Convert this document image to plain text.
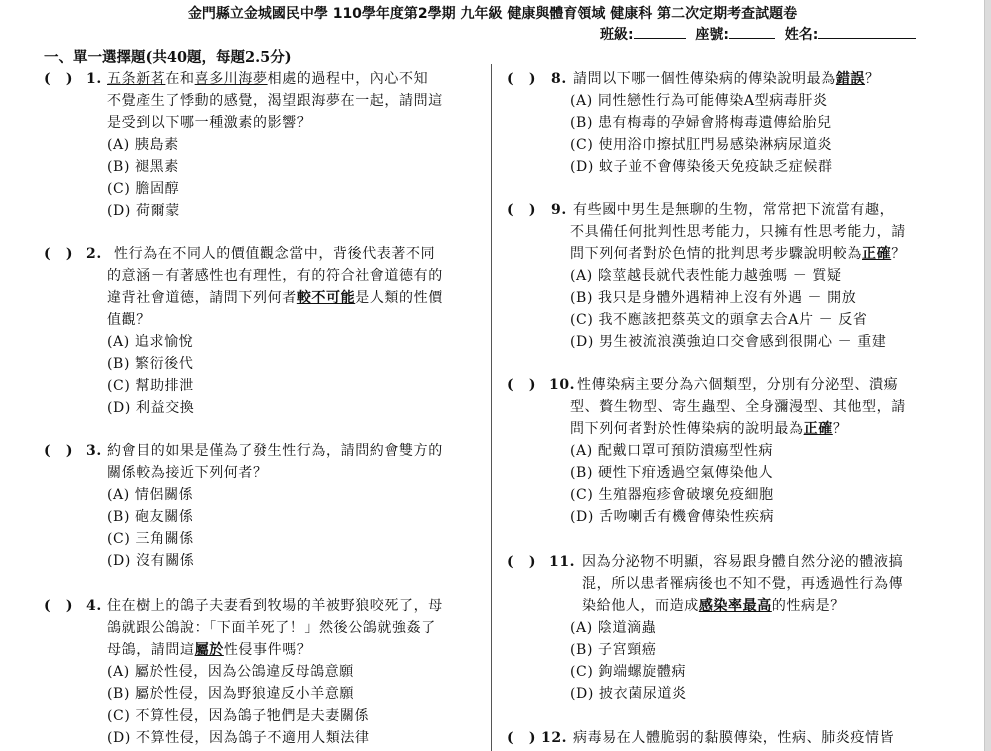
金門縣立金城國民中學 110學年度第2學期 九年級 健康與體育領域 健康科 第二次定期考查試題卷
班級:	座號:	姓名:
一、單一選擇題(共40題，每題2.5分)
(　) 1. 五条新茗在和喜多川海夢相處的過程中，內心不知
不覺產生了悸動的感覺，渴望跟海夢在一起，請問這
是受到以下哪一種激素的影響？
(A) 胰島素
(B) 褪黑素
(C) 膽固醇
(D) 荷爾蒙
(　) 2. 性行為在不同人的價值觀念當中，背後代表著不同
的意涵－有著感性也有理性，有的符合社會道德有的
違背社會道德，請問下列何者較不可能是人類的性價
值觀？
(A) 追求愉悅
(B) 繁衍後代
(C) 幫助排泄
(D) 利益交換
(　) 3. 約會目的如果是僅為了發生性行為，請問約會雙方的
關係較為接近下列何者？
(A) 情侶關係
(B) 砲友關係
(C) 三角關係
(D) 沒有關係
(　) 4. 住在樹上的鴿子夫妻看到牧場的羊被野狼咬死了，母
鴿就跟公鴿說：「下面羊死了！」然後公鴿就強姦了
母鴿，請問這屬於性侵事件嗎？
(A) 屬於性侵，因為公鴿違反母鴿意願
(B) 屬於性侵，因為野狼違反小羊意願
(C) 不算性侵，因為鴿子牠們是夫妻關係
(D) 不算性侵，因為鴿子不適用人類法律
(　) 8. 請問以下哪一個性傳染病的傳染說明最為錯誤？
(A) 同性戀性行為可能傳染A型病毒肝炎
(B) 患有梅毒的孕婦會將梅毒遺傳給胎兒
(C) 使用浴巾擦拭肛門易感染淋病尿道炎
(D) 蚊子並不會傳染後天免疫缺乏症候群
(　) 9. 有些國中男生是無聊的生物，常常把下流當有趣，
不具備任何批判性思考能力，只擁有性思考能力，請
問下列何者對於色情的批判思考步驟說明較為正確？
(A) 陰莖越長就代表性能力越強嗎 － 質疑
(B) 我只是身體外遇精神上沒有外遇 － 開放
(C) 我不應該把蔡英文的頭拿去合A片 － 反省
(D) 男生被流浪漢強迫口交會感到很開心 － 重建
(　) 10. 性傳染病主要分為六個類型，分別有分泌型、潰瘍
型、贅生物型、寄生蟲型、全身瀰漫型、其他型，請
問下列何者對於性傳染病的說明最為正確？
(A) 配戴口罩可預防潰瘍型性病
(B) 硬性下疳透過空氣傳染他人
(C) 生殖器疱疹會破壞免疫細胞
(D) 舌吻喇舌有機會傳染性疾病
(　) 11. 因為分泌物不明顯，容易跟身體自然分泌的體液搞
混，所以患者罹病後也不知不覺，再透過性行為傳
染給他人，而造成感染率最高的性病是？
(A) 陰道滴蟲
(B) 子宮頸癌
(C) 鉤端螺旋體病
(D) 披衣菌尿道炎
(　) 12. 病毒易在人體脆弱的黏膜傳染，性病、肺炎疫情皆
